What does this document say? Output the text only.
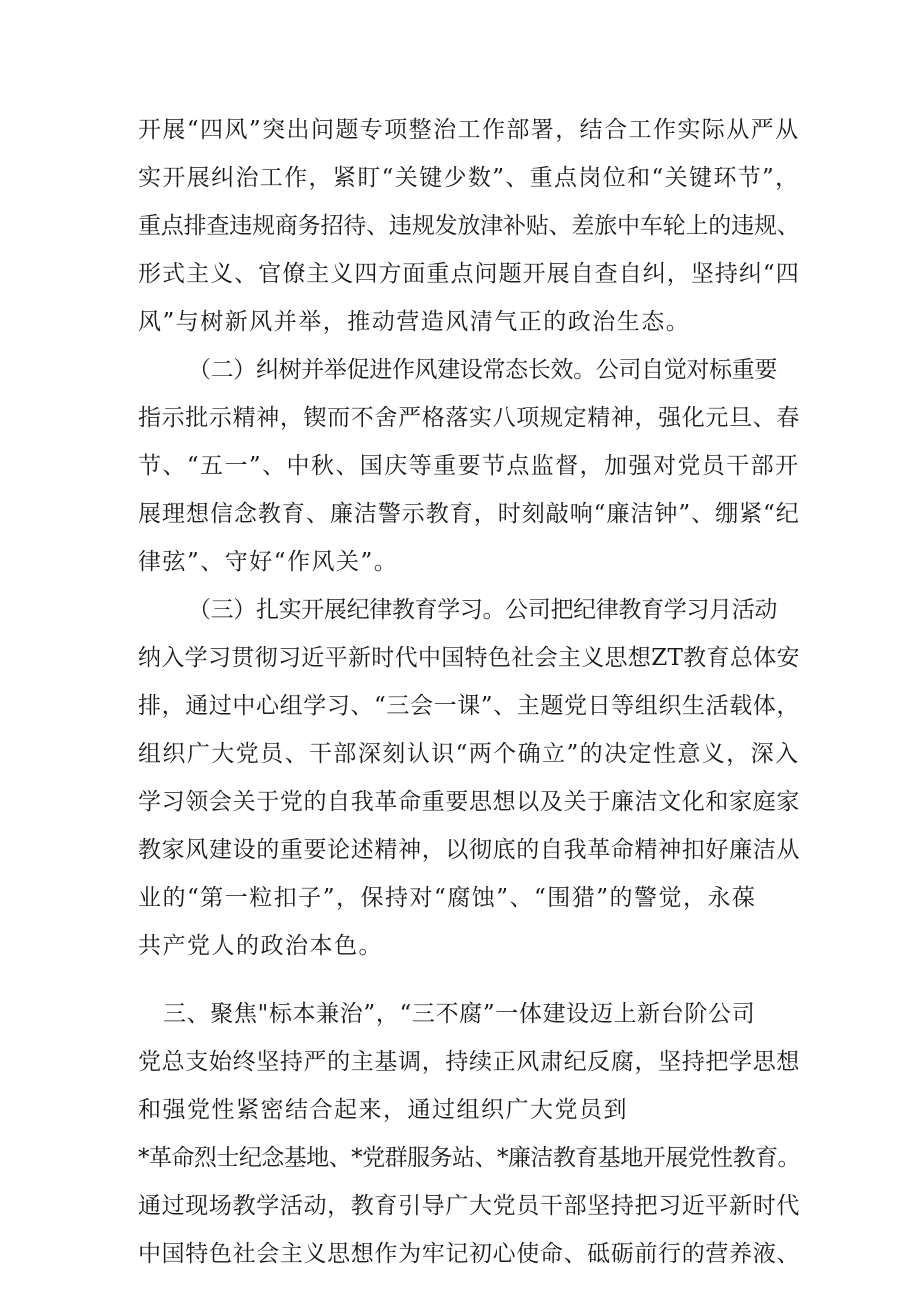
开展“四风”突出问题专项整治工作部署，结合工作实际从严从
实开展纠治工作，紧盯“关键少数”、重点岗位和“关键环节”，
重点排查违规商务招待、违规发放津补贴、差旅中车轮上的违规、
形式主义、官僚主义四方面重点问题开展自查自纠，坚持纠“四
风”与树新风并举，推动营造风清气正的政治生态。
（二）纠树并举促进作风建设常态长效。公司自觉对标重要
指示批示精神，锲而不舍严格落实八项规定精神，强化元旦、春
节、“五一”、中秋、国庆等重要节点监督，加强对党员干部开
展理想信念教育、廉洁警示教育，时刻敲响“廉洁钟”、绷紧“纪
律弦”、守好“作风关”。
（三）扎实开展纪律教育学习。公司把纪律教育学习月活动
纳入学习贯彻习近平新时代中国特色社会主义思想ZT教育总体安
排，通过中心组学习、“三会一课”、主题党日等组织生活载体，
组织广大党员、干部深刻认识“两个确立”的决定性意义，深入
学习领会关于党的自我革命重要思想以及关于廉洁文化和家庭家
教家风建设的重要论述精神，以彻底的自我革命精神扣好廉洁从
业的“第一粒扣子”，保持对“腐蚀”、“围猎”的警觉，永葆
共产党人的政治本色。
三、聚焦"标本兼治”，“三不腐”一体建设迈上新台阶公司
党总支始终坚持严的主基调，持续正风肃纪反腐，坚持把学思想
和强党性紧密结合起来，通过组织广大党员到
*革命烈士纪念基地、*党群服务站、*廉洁教育基地开展党性教育。
通过现场教学活动，教育引导广大党员干部坚持把习近平新时代
中国特色社会主义思想作为牢记初心使命、砥砺前行的营养液、
